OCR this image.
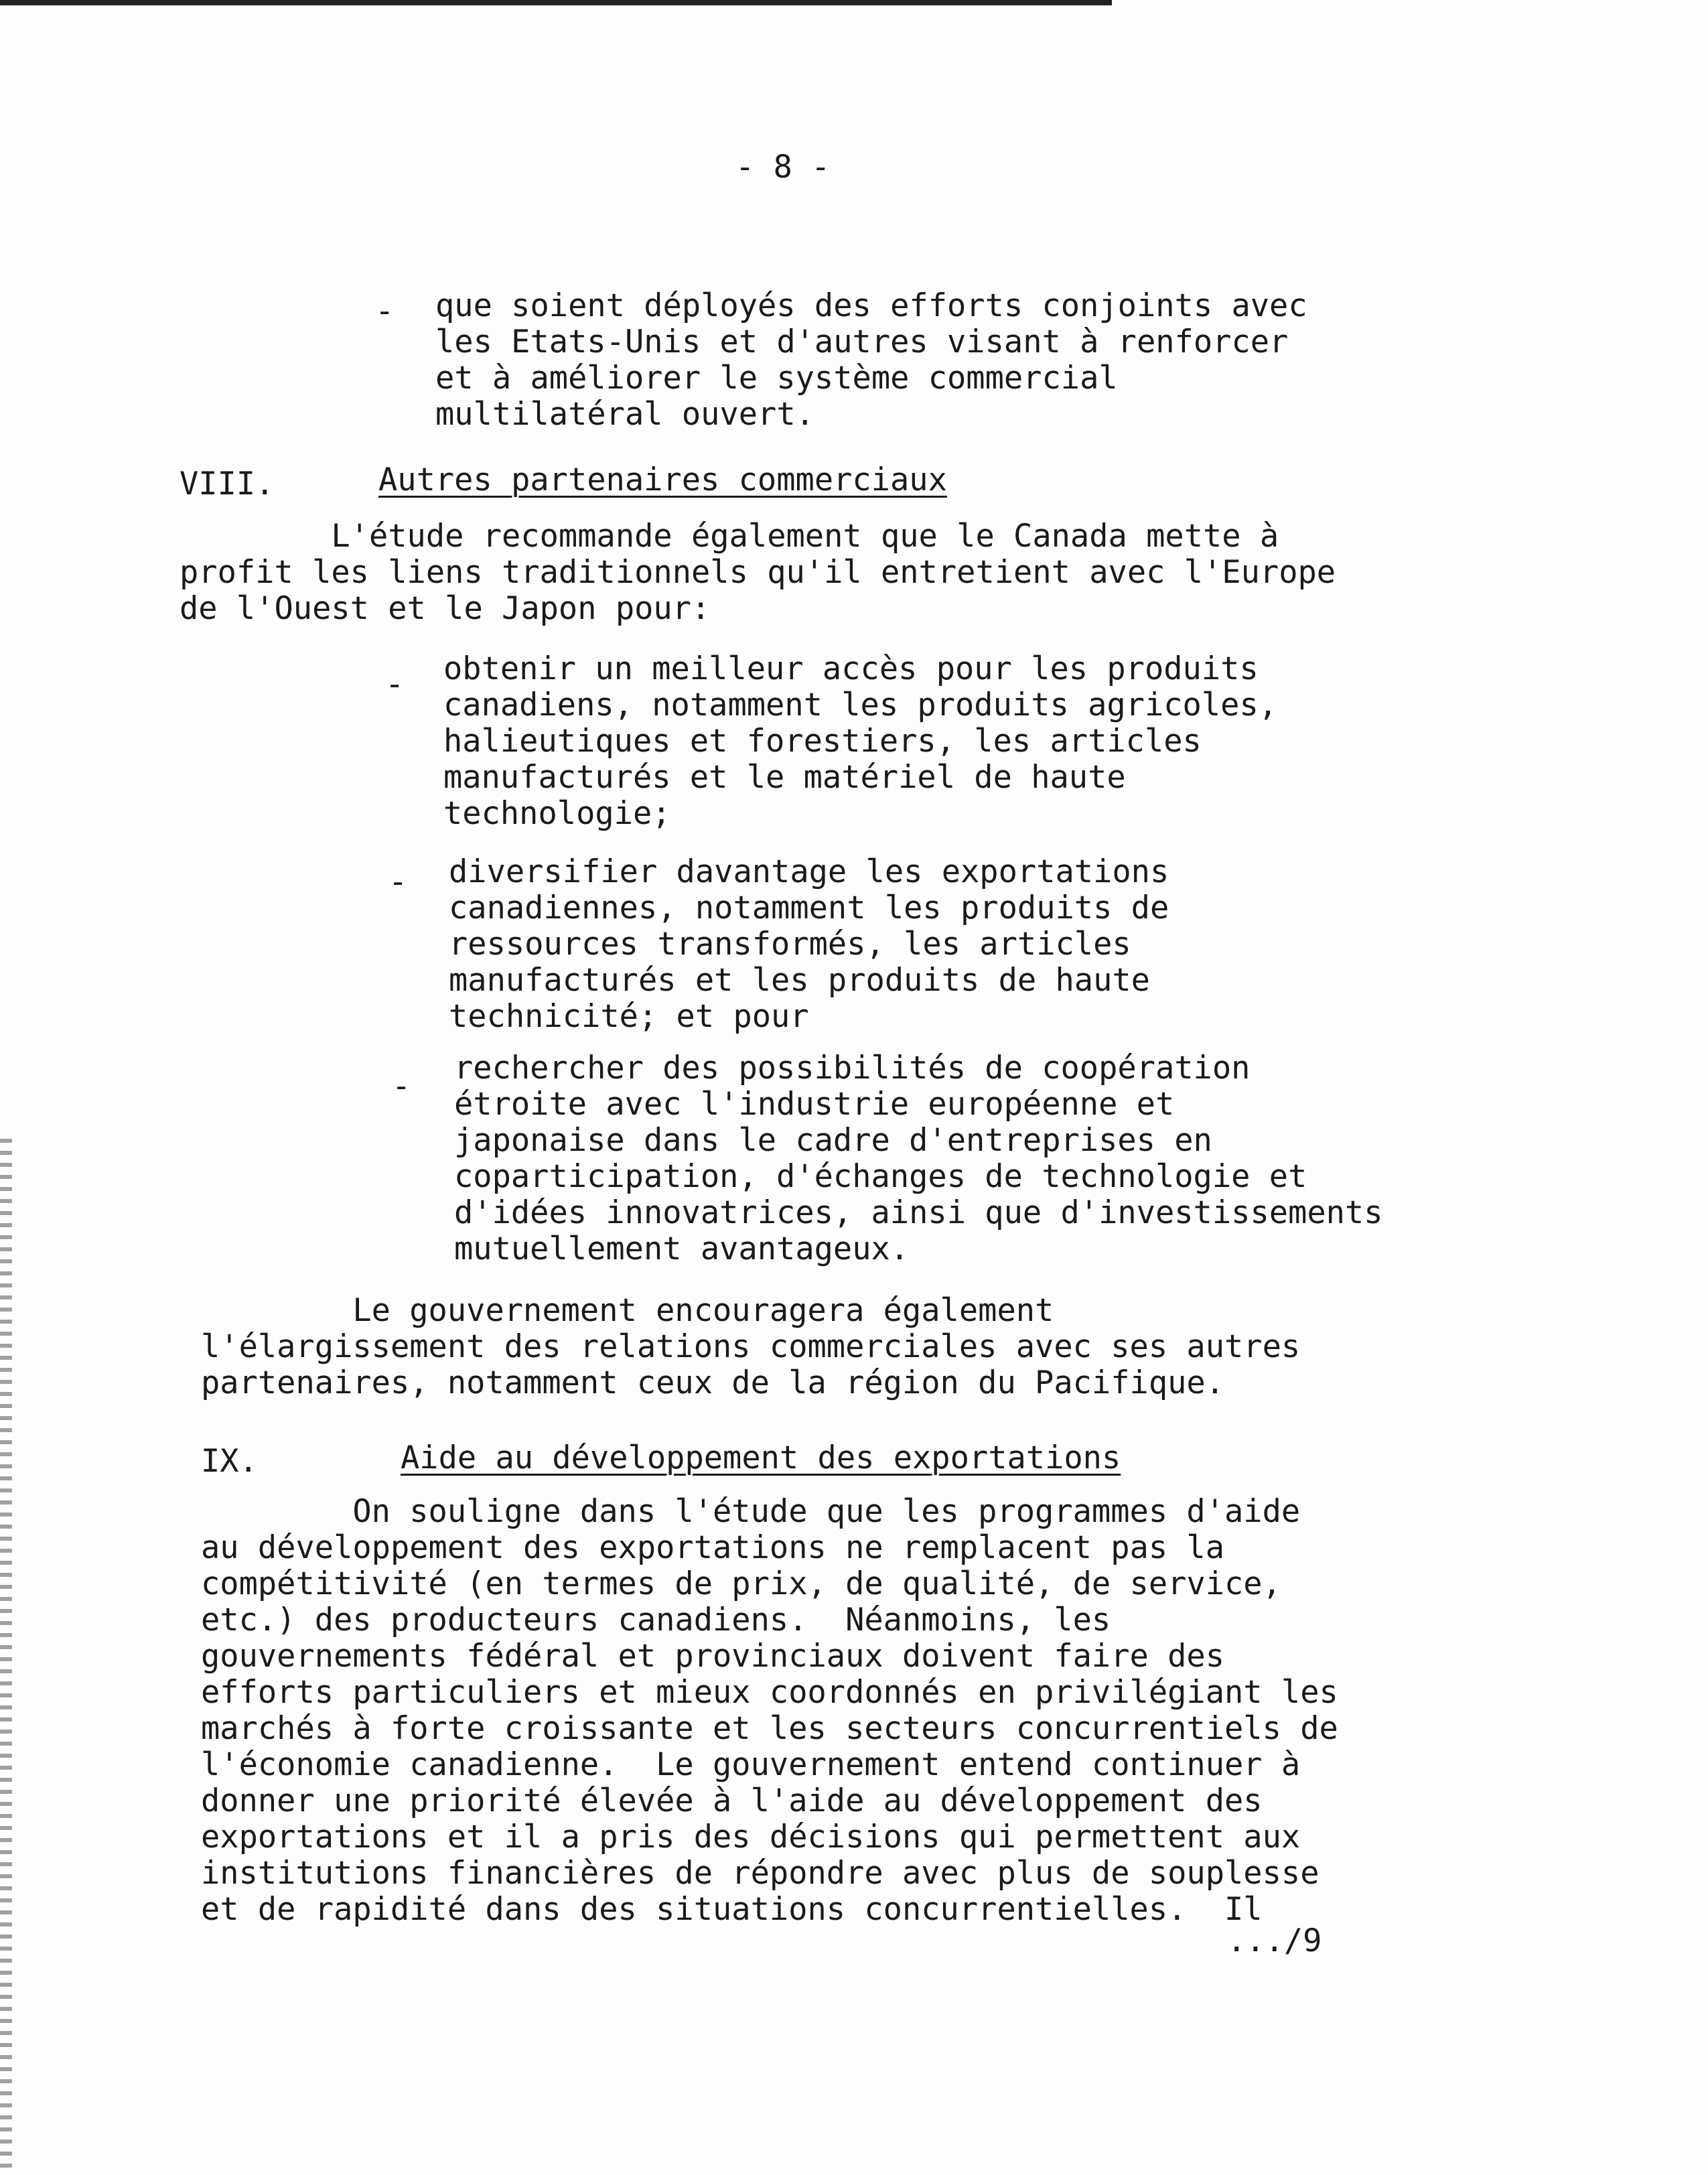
- 8 -
- que soient déployés des efforts conjoints avec
les Etats-Unis et d'autres visant à renforcer
et à améliorer le système commercial
multilatéral ouvert.
VIII.	Autres partenaires commerciaux
L'étude recommande également que le Canada mette à
profit les liens traditionnels qu'il entretient avec l'Europe
de l'Ouest et le Japon pour:
- obtenir un meilleur accès pour les produits
canadiens, notamment les produits agricoles,
halieutiques et forestiers, les articles
manufacturés et le matériel de haute
technologie;
- diversifier davantage les exportations
canadiennes, notamment les produits de
ressources transformés, les articles
manufacturés et les produits de haute
technicité; et pour
- rechercher des possibilités de coopération
étroite avec l'industrie européenne et
japonaise dans le cadre d'entreprises en
coparticipation, d'échanges de technologie et
d'idées innovatrices, ainsi que d'investissements
mutuellement avantageux.
Le gouvernement encouragera également
l'élargissement des relations commerciales avec ses autres
partenaires, notamment ceux de la région du Pacifique.
IX.	Aide au développement des exportations
On souligne dans l'étude que les programmes d'aide
au développement des exportations ne remplacent pas la
compétitivité (en termes de prix, de qualité, de service,
etc.) des producteurs canadiens.  Néanmoins, les
gouvernements fédéral et provinciaux doivent faire des
efforts particuliers et mieux coordonnés en privilégiant les
marchés à forte croissante et les secteurs concurrentiels de
l'économie canadienne.  Le gouvernement entend continuer à
donner une priorité élevée à l'aide au développement des
exportations et il a pris des décisions qui permettent aux
institutions financières de répondre avec plus de souplesse
et de rapidité dans des situations concurrentielles.  Il
.../9
